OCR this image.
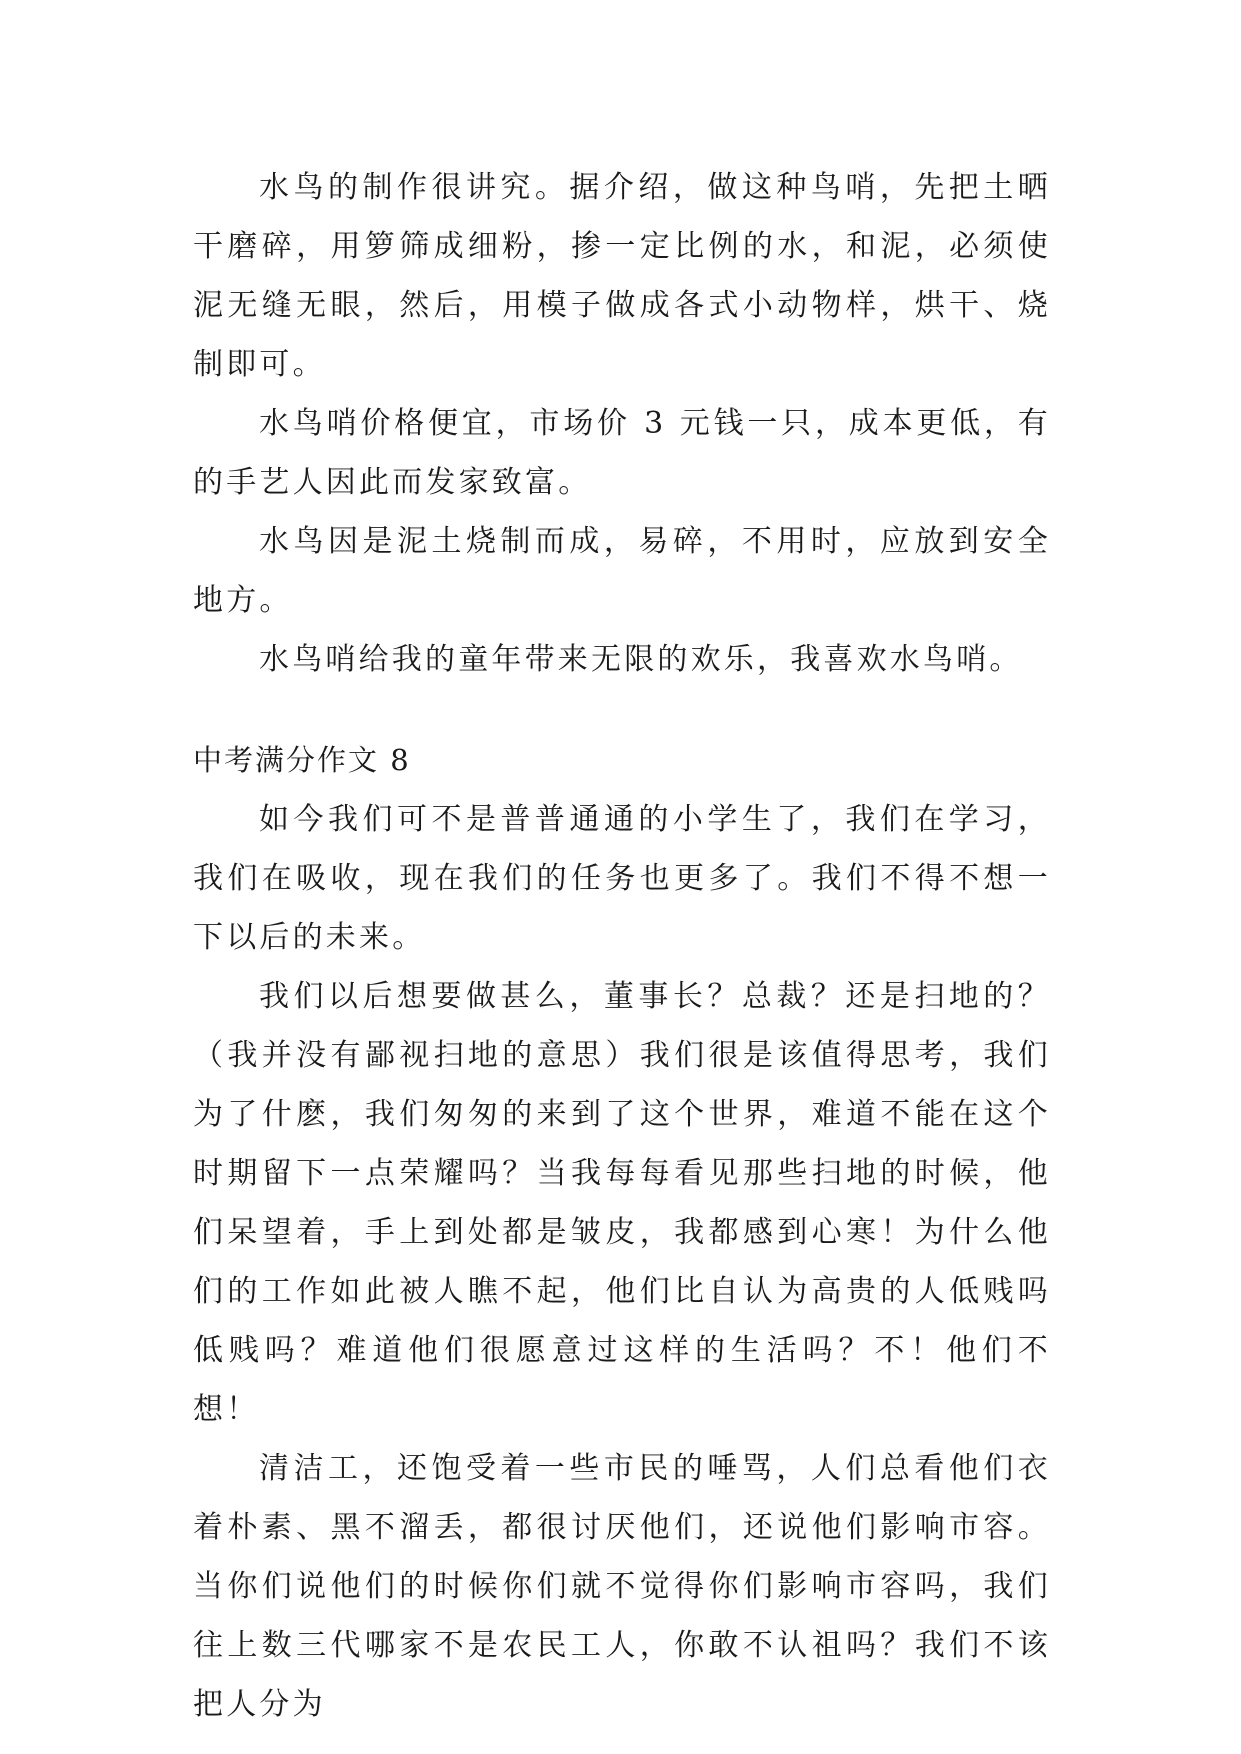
水鸟的制作很讲究。据介绍，做这种鸟哨，先把土晒干磨碎，用箩筛成细粉，掺一定比例的水，和泥，必须使泥无缝无眼，然后，用模子做成各式小动物样，烘干、烧制即可。

水鸟哨价格便宜，市场价 3 元钱一只，成本更低，有的手艺人因此而发家致富。

水鸟因是泥土烧制而成，易碎，不用时，应放到安全地方。

水鸟哨给我的童年带来无限的欢乐，我喜欢水鸟哨。

中考满分作文 8

如今我们可不是普普通通的小学生了，我们在学习，我们在吸收，现在我们的任务也更多了。我们不得不想一下以后的未来。

我们以后想要做甚么，董事长？总裁？还是扫地的？（我并没有鄙视扫地的意思）我们很是该值得思考，我们为了什麽，我们匆匆的来到了这个世界，难道不能在这个时期留下一点荣耀吗？当我每每看见那些扫地的时候，他们呆望着，手上到处都是皱皮，我都感到心寒！为什么他们的工作如此被人瞧不起，他们比自认为高贵的人低贱吗低贱吗？难道他们很愿意过这样的生活吗？不！他们不想！

清洁工，还饱受着一些市民的唾骂，人们总看他们衣着朴素、黑不溜丢，都很讨厌他们，还说他们影响市容。当你们说他们的时候你们就不觉得你们影响市容吗，我们往上数三代哪家不是农民工人，你敢不认祖吗？我们不该把人分为
